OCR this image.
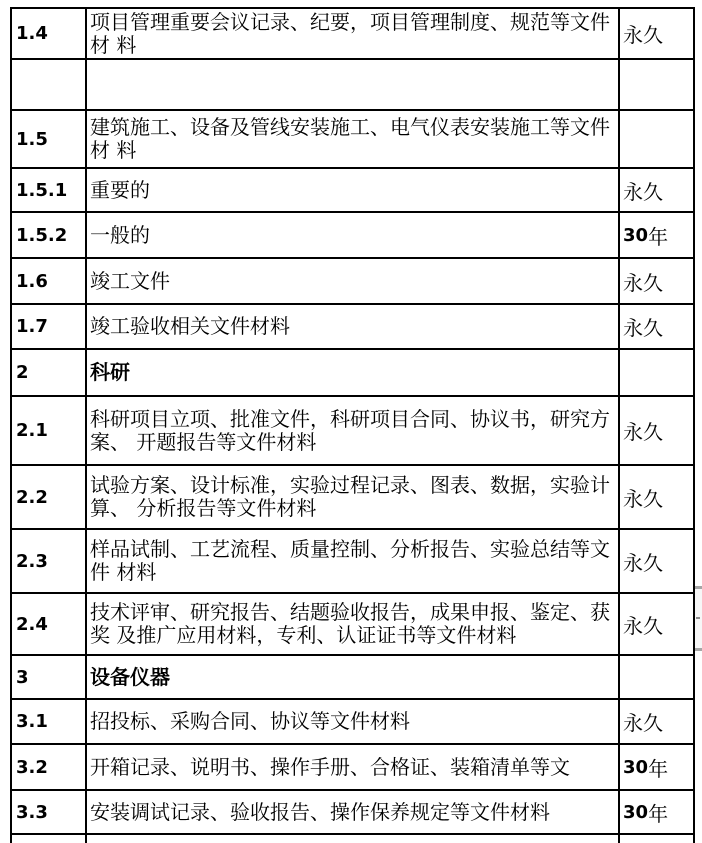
1.4	项目管理重要会议记录、纪要，项目管理制度、规范等文件材 料	永久
1.5	建筑施工、设备及管线安装施工、电气仪表安装施工等文件材 料
1.5.1	重要的	永久
1.5.2	一般的	30 年
1.6	竣工文件	永久
1.7	竣工验收相关文件材料	永久
2	科研
2.1	科研项目立项、批准文件，科研项目合同、协议书，研究方案、 开题报告等文件材料	永久
2.2	试验方案、设计标准，实验过程记录、图表、数据，实验计算、 分析报告等文件材料	永久
2.3	样品试制、工艺流程、质量控制、分析报告、实验总结等文件 材料	永久
2.4	技术评审、研究报告、结题验收报告，成果申报、鉴定、获奖 及推广应用材料，专利、认证证书等文件材料	永久
3	设备仪器
3.1	招投标、采购合同、协议等文件材料	永久
3.2	开箱记录、说明书、操作手册、合格证、装箱清单等文	30 年
3.3	安装调试记录、验收报告、操作保养规定等文件材料	30 年
